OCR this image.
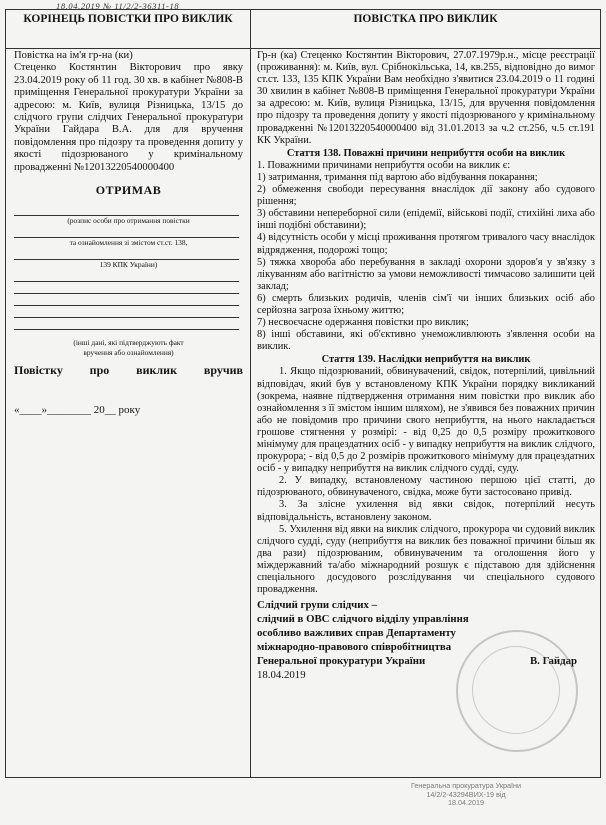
18.04.2019 № 11/2/2-36311-18
КОРІНЕЦЬ ПОВІСТКИ ПРО ВИКЛИК

Повістка на ім'я гр-на (ки)

Стеценко Костянтин Вікторович про явку 23.04.2019 року об 11 год. 30 хв. в кабінет №808-В приміщення Генеральної прокуратури України за адресою: м. Київ, вулиця Різницька, 13/15 до слідчого групи слідчих Генеральної прокуратури України Гайдара В.А. для для вручення повідомлення про підозру та проведення допиту у якості підозрюваного у кримінальному провадженні №12013220540000400

ОТРИМАВ
(розпис особи про отримання повістки
та ознайомлення зі змістом ст.ст. 138,
139 КПК України)
(інші дані, які підтверджують факт
вручення або ознайомлення)
Повістку про виклик вручив
«____»________ 20__ року
ПОВІСТКА ПРО ВИКЛИК

Гр-н (ка) Стеценко Костянтин Вікторович, 27.07.1979р.н., місце реєстрації (проживання): м. Київ, вул. Срібнокільська, 14, кв.255, відповідно до вимог ст.ст. 133, 135 КПК України Вам необхідно з'явитися 23.04.2019 о 11 годині 30 хвилин в кабінет №808-В приміщення Генеральної прокуратури України за адресою: м. Київ, вулиця Різницька, 13/15, для вручення повідомлення про підозру та проведення допиту у якості підозрюваного у кримінальному провадженні №12013220540000400 від 31.01.2013 за ч.2 ст.256, ч.5 ст.191 КК України.

Стаття 138. Поважні причини неприбуття особи на виклик

1. Поважними причинами неприбуття особи на виклик є:

1) затримання, тримання під вартою або відбування покарання;

2) обмеження свободи пересування внаслідок дії закону або судового рішення;

3) обставини непереборної сили (епідемії, військові події, стихійні лиха або інші подібні обставини);

4) відсутність особи у місці проживання протягом тривалого часу внаслідок відрядження, подорожі тощо;

5) тяжка хвороба або перебування в закладі охорони здоров'я у зв'язку з лікуванням або вагітністю за умови неможливості тимчасово залишити цей заклад;

6) смерть близьких родичів, членів сім'ї чи інших близьких осіб або серйозна загроза їхньому життю;

7) несвоєчасне одержання повістки про виклик;

8) інші обставини, які об'єктивно унеможливлюють з'явлення особи на виклик.

Стаття 139. Наслідки неприбуття на виклик

1. Якщо підозрюваний, обвинувачений, свідок, потерпілий, цивільний відповідач, який був у встановленому КПК України порядку викликаний (зокрема, наявне підтвердження отримання ним повістки про виклик або ознайомлення з її змістом іншим шляхом), не з'явився без поважних причин або не повідомив про причини свого неприбуття, на нього накладається грошове стягнення у розмірі: - від 0,25 до 0,5 розміру прожиткового мінімуму для працездатних осіб - у випадку неприбуття на виклик слідчого, прокурора; - від 0,5 до 2 розмірів прожиткового мінімуму для працездатних осіб - у випадку неприбуття на виклик слідчого судді, суду.

2. У випадку, встановленому частиною першою цієї статті, до підозрюваного, обвинуваченого, свідка, може бути застосовано привід.

3. За злісне ухилення від явки свідок, потерпілий несуть відповідальність, встановлену законом.

5. Ухилення від явки на виклик слідчого, прокурора чи судовий виклик слідчого судді, суду (неприбуття на виклик без поважної причини більш як два рази) підозрюваним, обвинуваченим та оголошення його у міждержавний та/або міжнародний розшук є підставою для здійснення спеціального досудового розслідування чи спеціального судового провадження.

Слідчий групи слідчих –
слідчий в ОВС слідчого відділу управління
особливо важливих справ Департаменту
міжнародно-правового співробітництва
Генеральної прокуратури України	В. Гайдар
18.04.2019
Генеральна прокуратура України
14/2/2-43294ВИХ-19 від
18.04.2019
